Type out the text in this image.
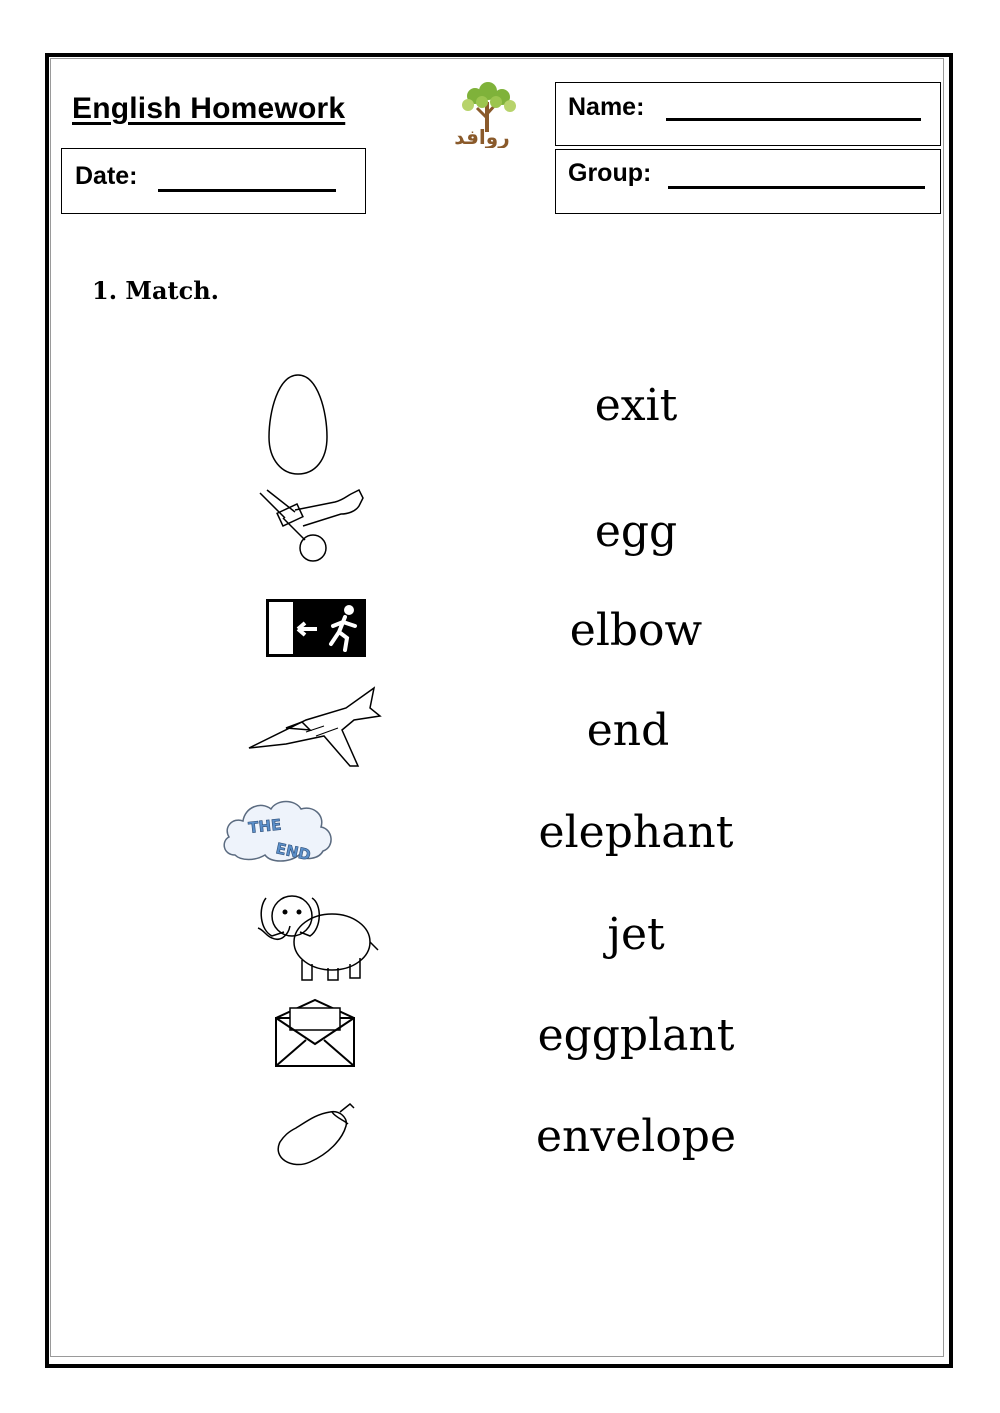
English Homework
روافد
Date:
Name:
Group:
1. Match.
THE
END
exit
egg
elbow
end
elephant
jet
eggplant
envelope
